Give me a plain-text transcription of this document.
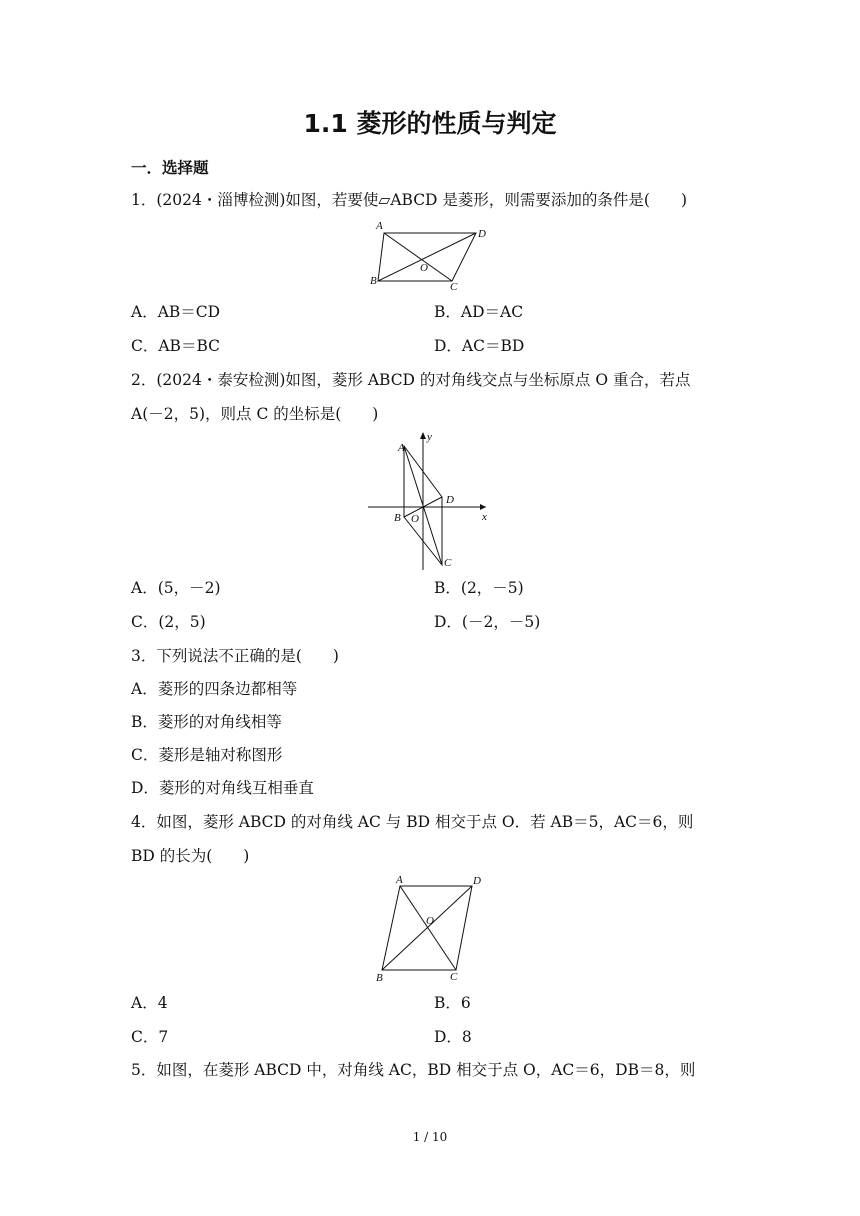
1.1 菱形的性质与判定
一．选择题
1．(2024・淄博检测)如图，若要使▱ABCD 是菱形，则需要添加的条件是(　　)
A
D
O
B	C
A．AB＝CD	B．AD＝AC
C．AB＝BC	D．AC＝BD
2．(2024・泰安检测)如图，菱形 ABCD 的对角线交点与坐标原点 O 重合，若点
A(－2，5)，则点 C 的坐标是(　　)
y
x
A
D
B O
C
A．(5，－2)	B．(2，－5)
C．(2，5)	D．(－2，－5)
3．下列说法不正确的是(　　)
A．菱形的四条边都相等
B．菱形的对角线相等
C．菱形是轴对称图形
D．菱形的对角线互相垂直
4．如图，菱形 ABCD 的对角线 AC 与 BD 相交于点 O．若 AB＝5，AC＝6，则
BD 的长为(　　)
A	D
O
B	C
A．4	B．6
C．7	D．8
5．如图，在菱形 ABCD 中，对角线 AC，BD 相交于点 O，AC＝6，DB＝8，则
1 / 10
